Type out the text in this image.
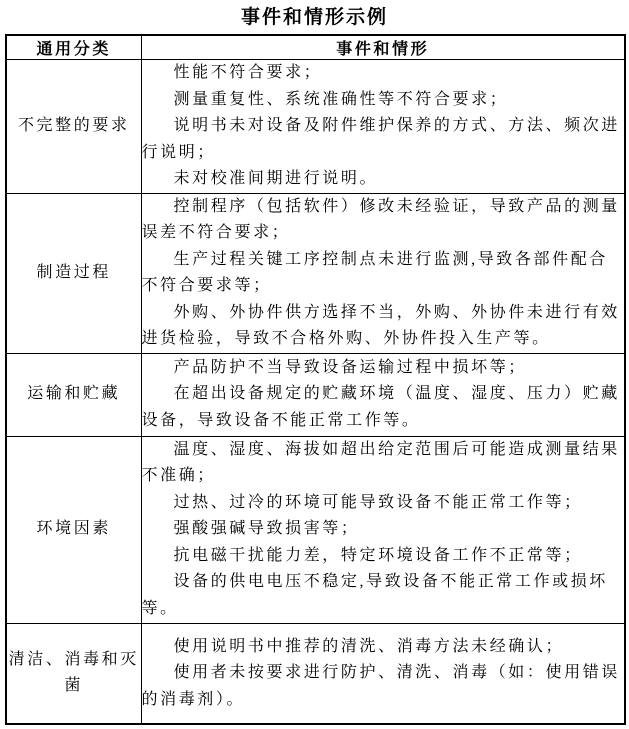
事件和情形示例
通用分类	事件和情形
不完整的要求	性能不符合要求；

测量重复性、系统准确性等不符合要求；

说明书未对设备及附件维护保养的方式、方法、频次进行说明；

未对校准间期进行说明。

制造过程	控制程序（包括软件）修改未经验证，导致产品的测量误差不符合要求；

生产过程关键工序控制点未进行监测,导致各部件配合不符合要求等；

外购、外协件供方选择不当，外购、外协件未进行有效进货检验，导致不合格外购、外协件投入生产等。

运输和贮藏	产品防护不当导致设备运输过程中损坏等；

在超出设备规定的贮藏环境（温度、湿度、压力）贮藏设备，导致设备不能正常工作等。

环境因素	温度、湿度、海拔如超出给定范围后可能造成测量结果不准确；

过热、过冷的环境可能导致设备不能正常工作等；

强酸强碱导致损害等；

抗电磁干扰能力差，特定环境设备工作不正常等；

设备的供电电压不稳定,导致设备不能正常工作或损坏等。

清洁、消毒和灭菌	使用说明书中推荐的清洗、消毒方法未经确认；

使用者未按要求进行防护、清洗、消毒（如：使用错误的消毒剂）。
